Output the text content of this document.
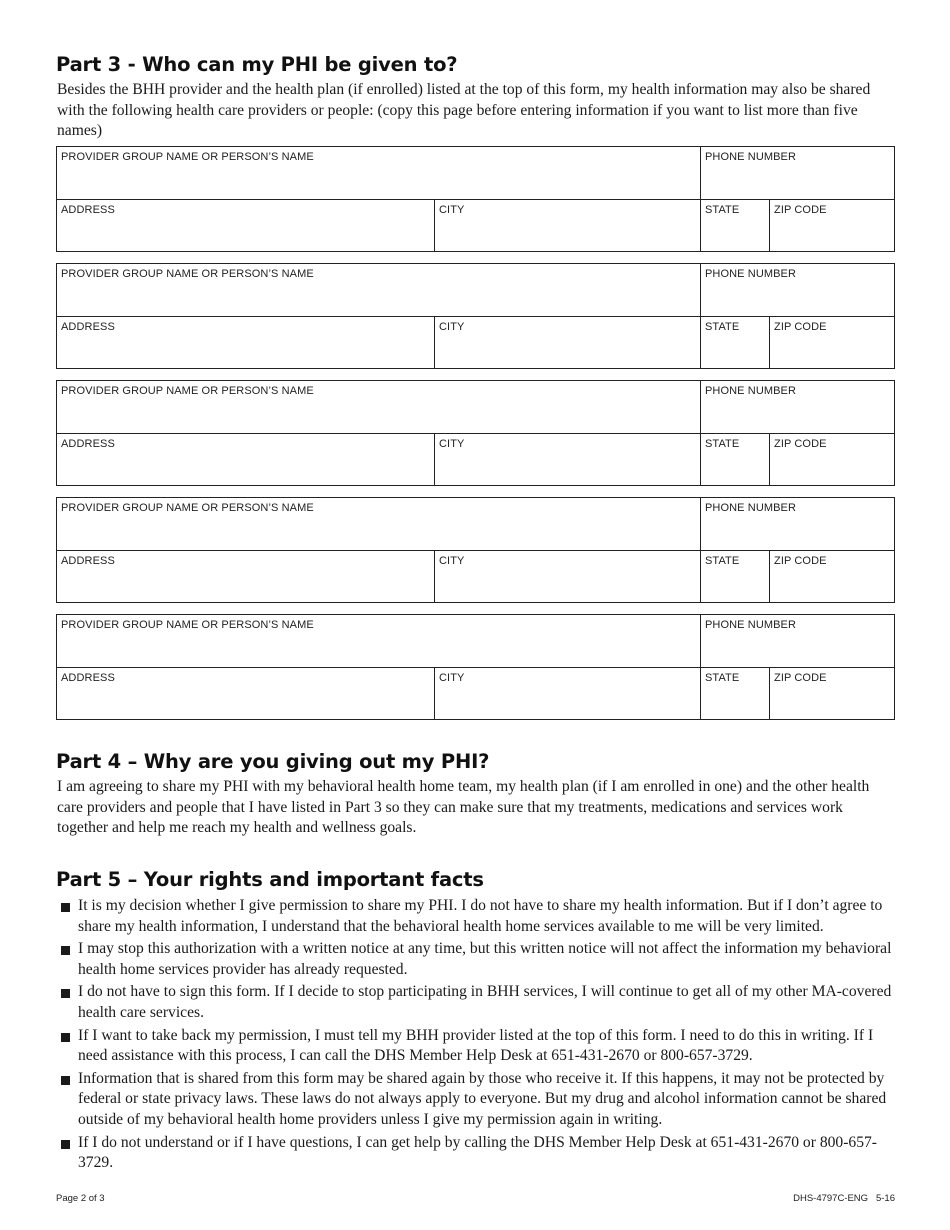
Part 3 - Who can my PHI be given to?

Besides the BHH provider and the health plan (if enrolled) listed at the top of this form, my health information may also be shared with the following health care providers or people: (copy this page before entering information if you want to list more than five names)

PROVIDER GROUP NAME OR PERSON’S NAME	PHONE NUMBER
ADDRESS	CITY	STATE	ZIP CODE
PROVIDER GROUP NAME OR PERSON’S NAME	PHONE NUMBER
ADDRESS	CITY	STATE	ZIP CODE
PROVIDER GROUP NAME OR PERSON’S NAME	PHONE NUMBER
ADDRESS	CITY	STATE	ZIP CODE
PROVIDER GROUP NAME OR PERSON’S NAME	PHONE NUMBER
ADDRESS	CITY	STATE	ZIP CODE
PROVIDER GROUP NAME OR PERSON’S NAME	PHONE NUMBER
ADDRESS	CITY	STATE	ZIP CODE
Part 4 – Why are you giving out my PHI?

I am agreeing to share my PHI with my behavioral health home team, my health plan (if I am enrolled in one) and the other health care providers and people that I have listed in Part 3 so they can make sure that my treatments, medications and services work together and help me reach my health and wellness goals.

Part 5 – Your rights and important facts
It is my decision whether I give permission to share my PHI. I do not have to share my health information. But if I don’t agree to share my health information, I understand that the behavioral health home services available to me will be very limited.
I may stop this authorization with a written notice at any time, but this written notice will not affect the information my behavioral health home services provider has already requested.
I do not have to sign this form. If I decide to stop participating in BHH services, I will continue to get all of my other MA-covered health care services.
If I want to take back my permission, I must tell my BHH provider listed at the top of this form. I need to do this in writing. If I need assistance with this process, I can call the DHS Member Help Desk at 651-431-2670 or 800-657-3729.
Information that is shared from this form may be shared again by those who receive it. If this happens, it may not be protected by federal or state privacy laws. These laws do not always apply to everyone. But my drug and alcohol information cannot be shared outside of my behavioral health home providers unless I give my permission again in writing.
If I do not understand or if I have questions, I can get help by calling the DHS Member Help Desk at 651-431-2670 or 800-657-3729.
Page 2 of 3	DHS-4797C-ENG   5-16
